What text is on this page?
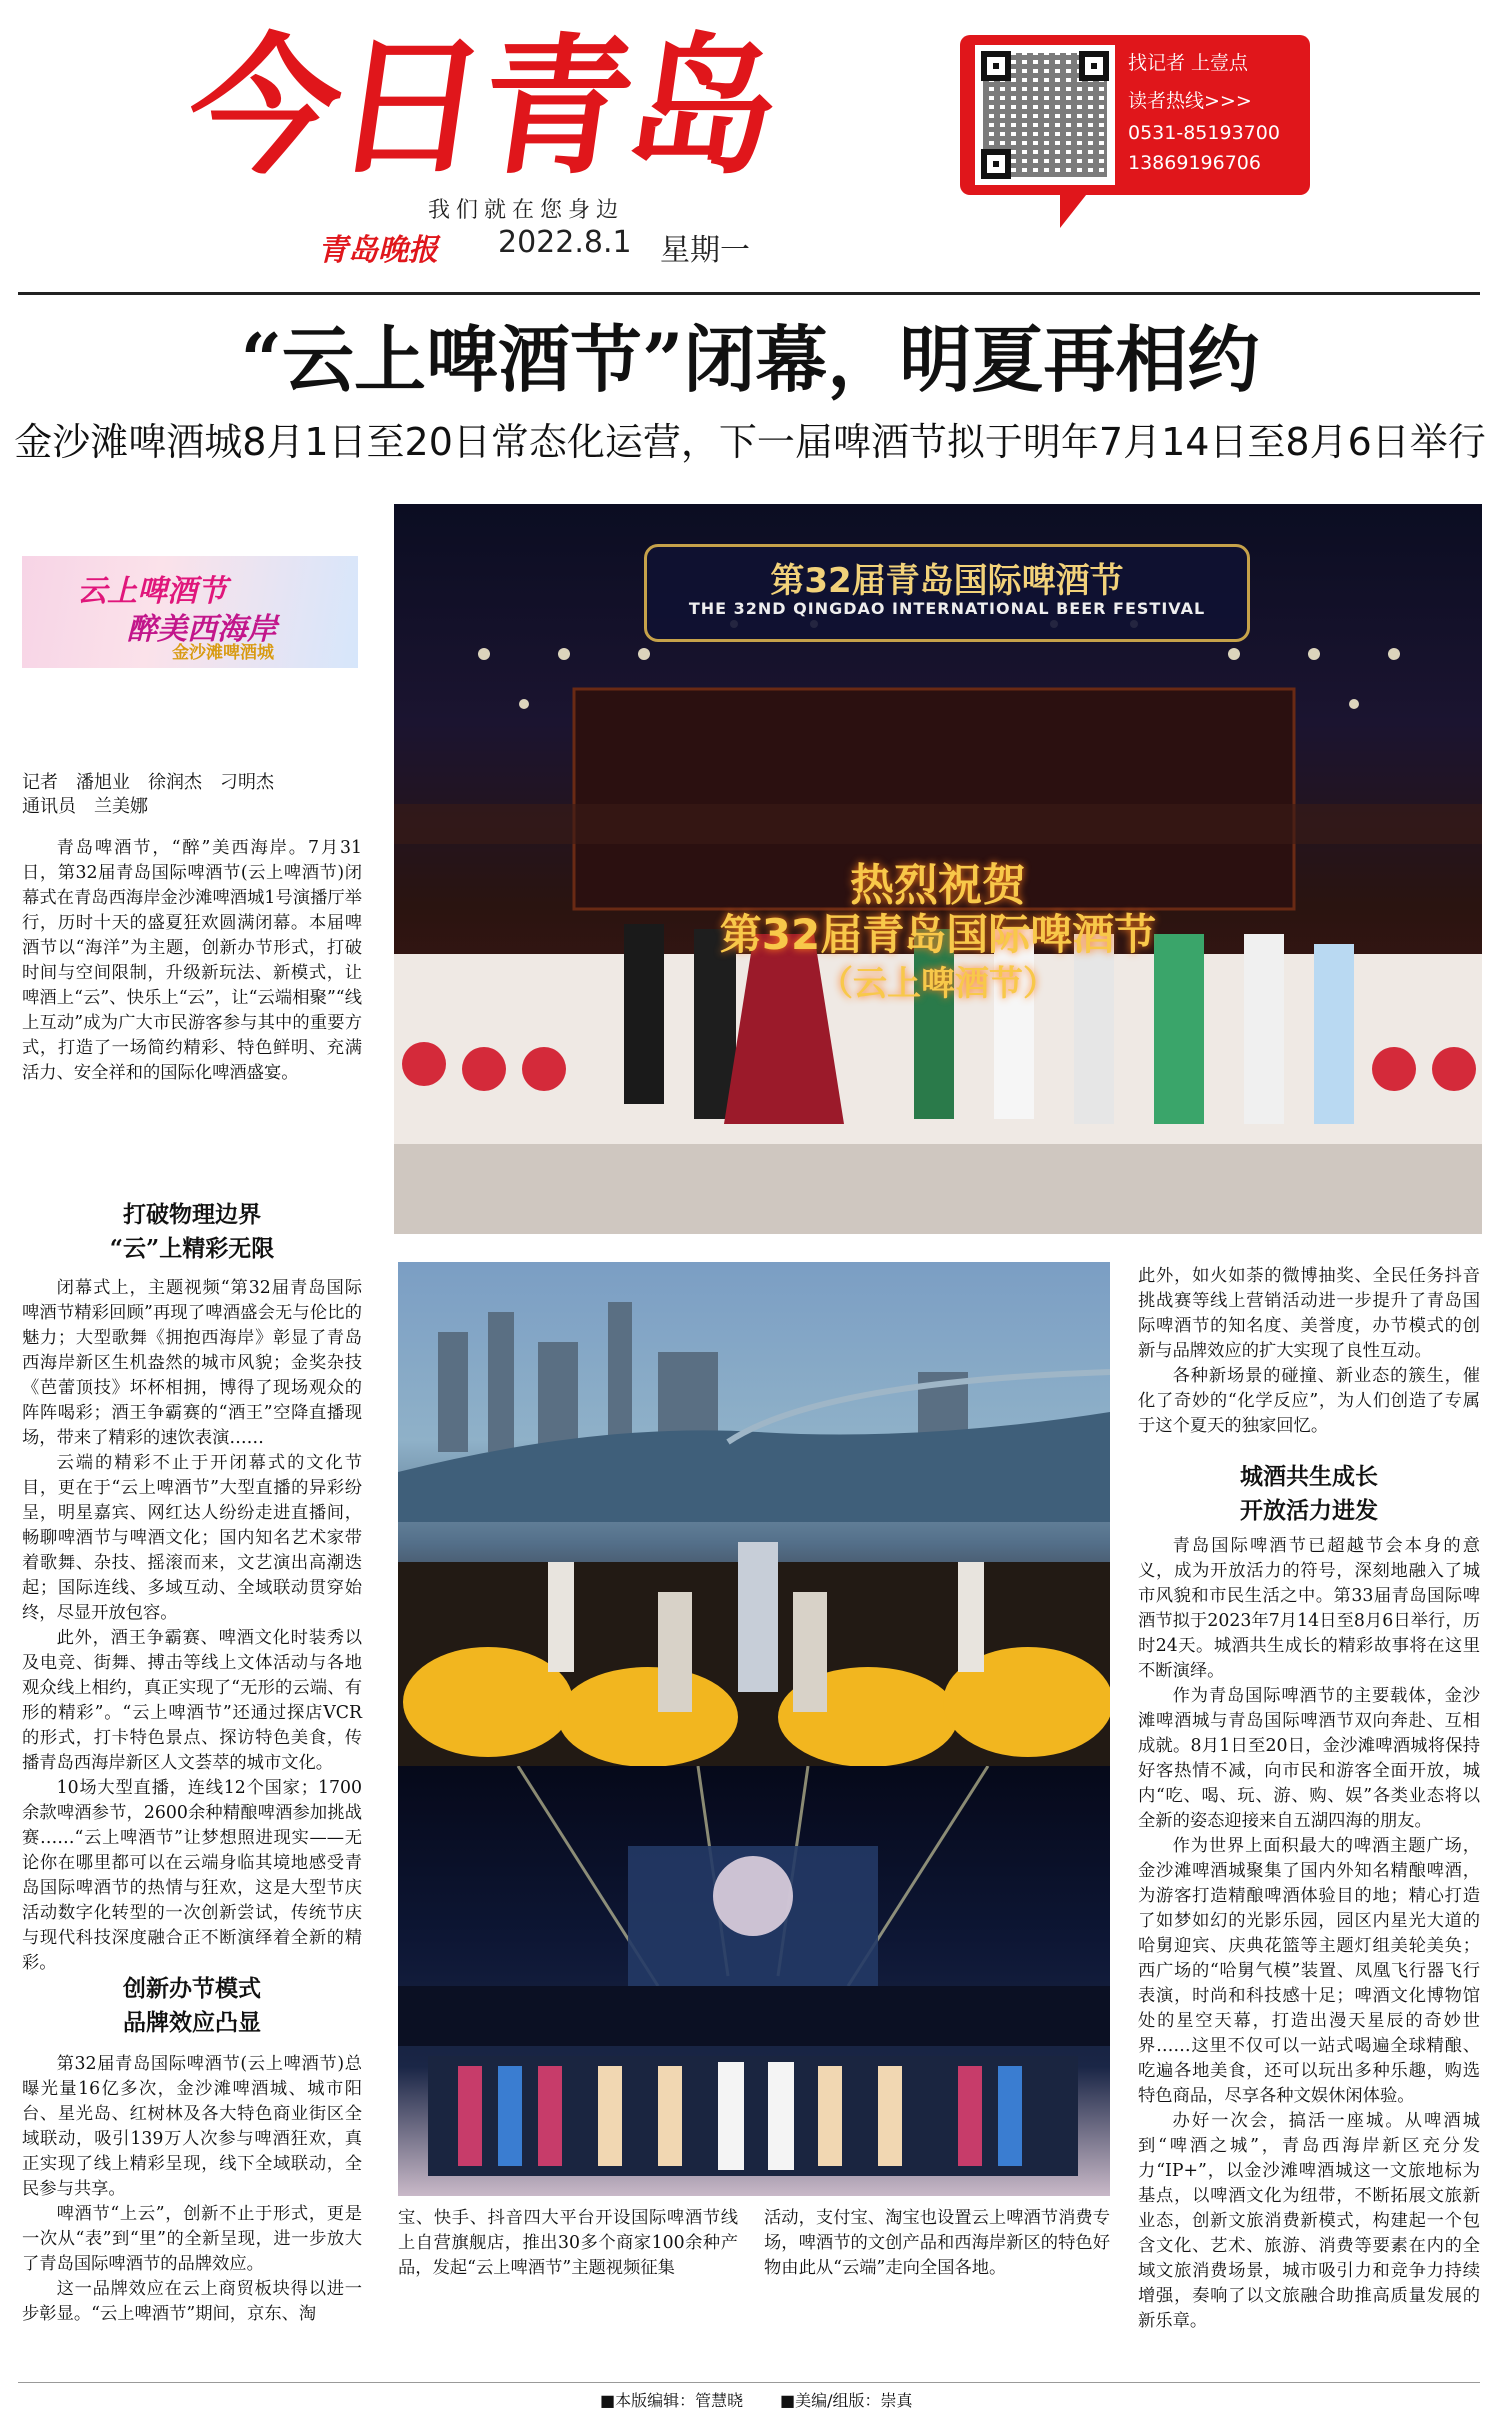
今日青岛
我们就在您身边
青岛晚报 2022.8.1 星期一
找记者 上壹点
读者热线>>>
0531-85193700
13869196706
“云上啤酒节”闭幕，明夏再相约
金沙滩啤酒城8月1日至20日常态化运营，下一届啤酒节拟于明年7月14日至8月6日举行
云上啤酒节
醉美西海岸
金沙滩啤酒城
记者　潘旭业　徐润杰　刁明杰
通讯员　兰美娜

青岛啤酒节，“醉”美西海岸。7月31日，第32届青岛国际啤酒节(云上啤酒节)闭幕式在青岛西海岸金沙滩啤酒城1号演播厅举行，历时十天的盛夏狂欢圆满闭幕。本届啤酒节以“海洋”为主题，创新办节形式，打破时间与空间限制，升级新玩法、新模式，让啤酒上“云”、快乐上“云”，让“云端相聚”“线上互动”成为广大市民游客参与其中的重要方式，打造了一场简约精彩、特色鲜明、充满活力、安全祥和的国际化啤酒盛宴。

打破物理边界
“云”上精彩无限

闭幕式上，主题视频“第32届青岛国际啤酒节精彩回顾”再现了啤酒盛会无与伦比的魅力；大型歌舞《拥抱西海岸》彰显了青岛西海岸新区生机盎然的城市风貌；金奖杂技《芭蕾顶技》坏杯相拥，博得了现场观众的阵阵喝彩；酒王争霸赛的“酒王”空降直播现场，带来了精彩的速饮表演……

云端的精彩不止于开闭幕式的文化节目，更在于“云上啤酒节”大型直播的异彩纷呈，明星嘉宾、网红达人纷纷走进直播间，畅聊啤酒节与啤酒文化；国内知名艺术家带着歌舞、杂技、摇滚而来，文艺演出高潮迭起；国际连线、多域互动、全域联动贯穿始终，尽显开放包容。

此外，酒王争霸赛、啤酒文化时装秀以及电竞、街舞、搏击等线上文体活动与各地观众线上相约，真正实现了“无形的云端、有形的精彩”。“云上啤酒节”还通过探店VCR的形式，打卡特色景点、探访特色美食，传播青岛西海岸新区人文荟萃的城市文化。

10场大型直播，连线12个国家；1700余款啤酒参节，2600余种精酿啤酒参加挑战赛……“云上啤酒节”让梦想照进现实——无论你在哪里都可以在云端身临其境地感受青岛国际啤酒节的热情与狂欢，这是大型节庆活动数字化转型的一次创新尝试，传统节庆与现代科技深度融合正不断演绎着全新的精彩。

创新办节模式
品牌效应凸显

第32届青岛国际啤酒节(云上啤酒节)总曝光量16亿多次，金沙滩啤酒城、城市阳台、星光岛、红树林及各大特色商业街区全域联动，吸引139万人次参与啤酒狂欢，真正实现了线上精彩呈现，线下全域联动，全民参与共享。

啤酒节“上云”，创新不止于形式，更是一次从“表”到“里”的全新呈现，进一步放大了青岛国际啤酒节的品牌效应。

这一品牌效应在云上商贸板块得以进一步彰显。“云上啤酒节”期间，京东、淘

第32届青岛国际啤酒节
THE 32ND QINGDAO INTERNATIONAL BEER FESTIVAL
热烈祝贺
第32届青岛国际啤酒节
（云上啤酒节）

宝、快手、抖音四大平台开设国际啤酒节线上自营旗舰店，推出30多个商家100余种产品，发起“云上啤酒节”主题视频征集

活动，支付宝、淘宝也设置云上啤酒节消费专场，啤酒节的文创产品和西海岸新区的特色好物由此从“云端”走向全国各地。

此外，如火如荼的微博抽奖、全民任务抖音挑战赛等线上营销活动进一步提升了青岛国际啤酒节的知名度、美誉度，办节模式的创新与品牌效应的扩大实现了良性互动。

各种新场景的碰撞、新业态的簇生，催化了奇妙的“化学反应”，为人们创造了专属于这个夏天的独家回忆。

城酒共生成长
开放活力进发

青岛国际啤酒节已超越节会本身的意义，成为开放活力的符号，深刻地融入了城市风貌和市民生活之中。第33届青岛国际啤酒节拟于2023年7月14日至8月6日举行，历时24天。城酒共生成长的精彩故事将在这里不断演绎。

作为青岛国际啤酒节的主要载体，金沙滩啤酒城与青岛国际啤酒节双向奔赴、互相成就。8月1日至20日，金沙滩啤酒城将保持好客热情不减，向市民和游客全面开放，城内“吃、喝、玩、游、购、娱”各类业态将以全新的姿态迎接来自五湖四海的朋友。

作为世界上面积最大的啤酒主题广场，金沙滩啤酒城聚集了国内外知名精酿啤酒，为游客打造精酿啤酒体验目的地；精心打造了如梦如幻的光影乐园，园区内星光大道的哈舅迎宾、庆典花篮等主题灯组美轮美奂；西广场的“哈舅气模”装置、凤凰飞行器飞行表演，时尚和科技感十足；啤酒文化博物馆处的星空天幕，打造出漫天星辰的奇妙世界……这里不仅可以一站式喝遍全球精酿、吃遍各地美食，还可以玩出多种乐趣，购选特色商品，尽享各种文娱休闲体验。

办好一次会，搞活一座城。从啤酒城到“啤酒之城”，青岛西海岸新区充分发力“IP+”，以金沙滩啤酒城这一文旅地标为基点，以啤酒文化为纽带，不断拓展文旅新业态，创新文旅消费新模式，构建起一个包含文化、艺术、旅游、消费等要素在内的全域文旅消费场景，城市吸引力和竞争力持续增强，奏响了以文旅融合助推高质量发展的新乐章。

■本版编辑：管慧晓 ■美编/组版：崇真
